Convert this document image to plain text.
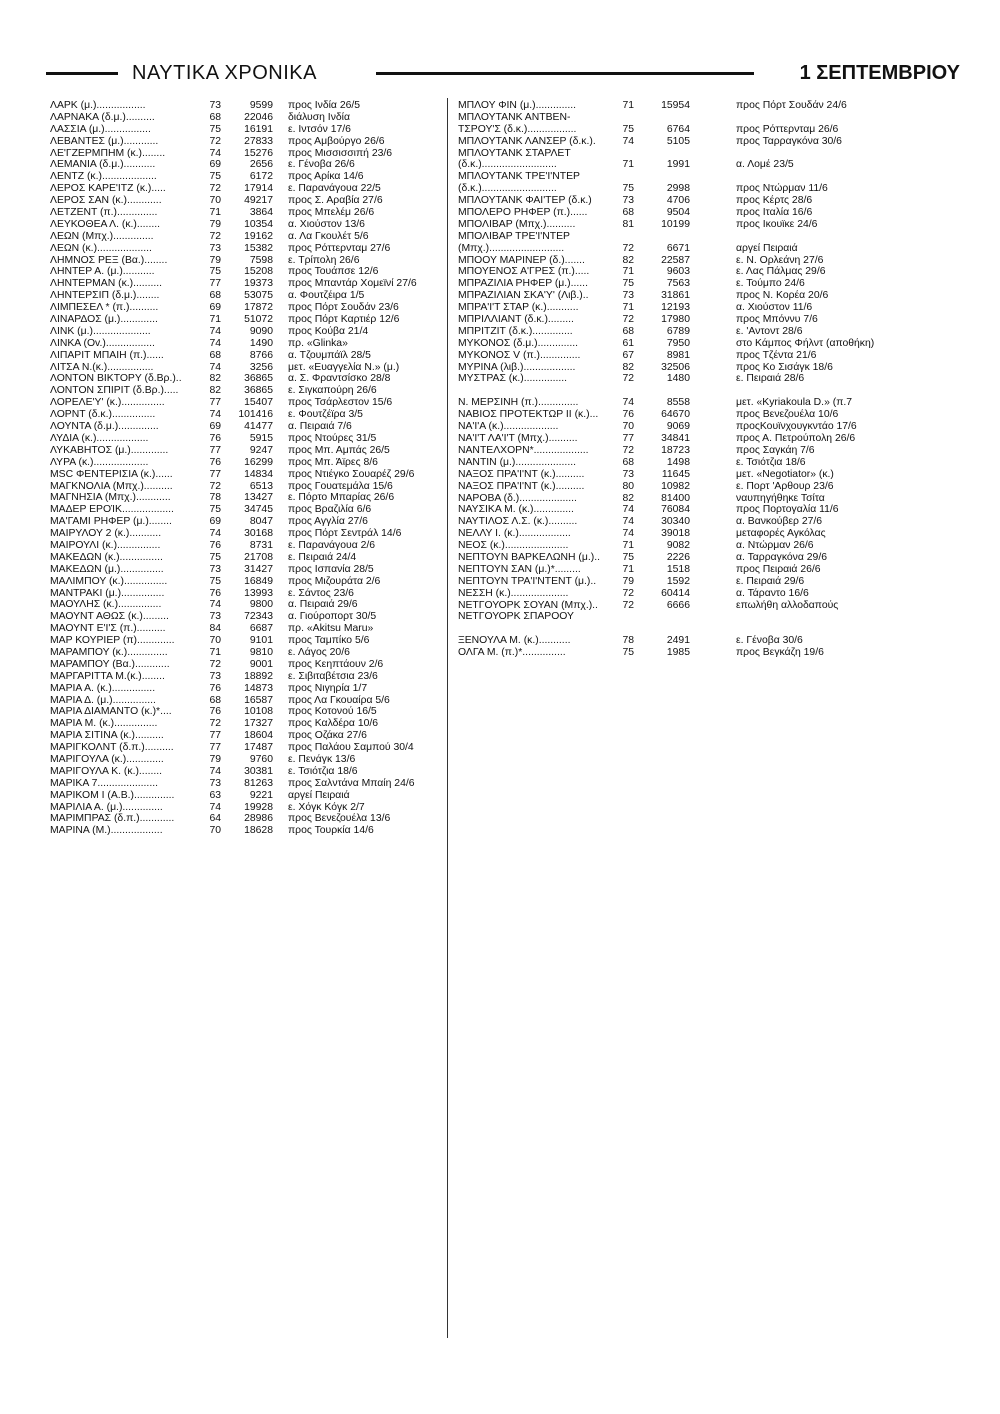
ΝΑΥΤΙΚΑ ΧΡΟΝΙΚΑ	1 ΣΕΠΤΕΜΒΡΙΟΥ
ΛΑΡΚ (μ.).................	73	9599 προς Ινδία 26/5
ΛΑΡΝΑΚΑ (δ.μ.)..........	68	22046 διάλυση Ινδία
ΛΑΣΣΙΑ (μ.)................	75	16191 ε. Ιντσόν 17/6
ΛΕΒΑΝΤΕΣ (μ.)............	72	27833 προς Αμβούργο 26/6
ΛΕ'ΓΖΕΡΜΠΗΜ (κ.)........	74	15276 προς Μισσισσιπή 23/6
ΛΕΜΑΝΙΑ (δ.μ.)...........	69	2656 ε. Γένοβα 26/6
ΛΕΝΤΖ (κ.)...................	75	6172 προς Αρίκα 14/6
ΛΕΡΟΣ ΚΑΡΕ'ΙΤΖ (κ.).....	72	17914 ε. Παρανάγουα 22/5
ΛΕΡΟΣ ΣΑΝ (κ.)............	70	49217 προς Σ. Αραβία 27/6
ΛΕΤΖΕΝΤ (π.)..............	71	3864 προς Μπελέμ 26/6
ΛΕΥΚΟΘΕΑ Λ. (κ.)........	79	10354 α. Χιούστον 13/6
ΛΕΩΝ (Μπχ.)..............	72	19162 α. Λα Γκουλέτ 5/6
ΛΕΩΝ (κ.)...................	73	15382 προς Ρόττερνταμ 27/6
ΛΗΜΝΟΣ ΡΕΞ (Βα.)........	79	7598 ε. Τρίπολη 26/6
ΛΗΝΤΕΡ Α. (μ.)...........	75	15208 προς Τουάπσε 12/6
ΛΗΝΤΕΡΜΑΝ (κ.)..........	77	19373 προς Μπαντάρ Χομεϊνί 27/6
ΛΗΝΤΕΡΣΙΠ (δ.μ.)........	68	53075 α. Φουτζέιρα 1/5
ΛΙΜΠΕΣΕΛ * (π.)..........	69	17872 προς Πόρτ Σουδάν 23/6
ΛΙΝΑΡΔΟΣ (μ.).............	71	51072 προς Πόρτ Καρτιέρ 12/6
ΛΙΝΚ (μ.)....................	74	9090 προς Κούβα 21/4
ΛΙΝΚΑ (Ov.).................	74	1490 πρ. «Glinka»
ΛΙΠΑΡΙΤ ΜΠΑΙΗ (π.)......	68	8766 α. Τζουμπάϊλ 28/5
ΛΙΤΣΑ Ν.(κ.)................	74	3256 μετ. «Ευαγγελία Ν.» (μ.)
ΛΟΝΤΟΝ ΒΙΚΤΟΡΥ (δ.Βρ.)..	82	36865 α. Σ. Φραντσίσκο 28/8
ΛΟΝΤΟΝ ΣΠΙΡΙΤ (δ.Βρ.).....	82	36865 ε. Σιγκαπούρη 26/6
ΛΟΡΕΛΕ'Υ' (κ.)...............	77	15407 προς Τσάρλεστον 15/6
ΛΟΡΝΤ (δ.κ.)...............	74	101416 ε. Φουτζέϊρα 3/5
ΛΟΥΝΤΑ (δ.μ.)..............	69	41477 α. Πειραιά 7/6
ΛΥΔΙΑ (κ.)..................	76	5915 προς Ντούρες 31/5
ΛΥΚΑΒΗΤΟΣ (μ.).............	77	9247 προς Μπ. Αμπάς 26/5
ΛΥΡΑ (κ.)...................	76	16299 προς Μπ. Άϊρες 8/6
MSC ΦΕΝΤΕΡΙΣΙΑ (κ.)......	77	14834 προς Ντιέγκο Σουαρέζ 29/6
ΜΑΓΚΝΟΛΙΑ (Μπχ.)..........	72	6513 προς Γουατεμάλα 15/6
ΜΑΓΝΗΣΙΑ (Μπχ.)............	78	13427 ε. Πόρτο Μπαρίας 26/6
ΜΑΔΕΡ ΕΡΟΊΚ..................	75	34745 προς Βραζιλία 6/6
ΜΑ'ΓΑΜΙ ΡΗΦΕΡ (μ.)........	69	8047 προς Αγγλία 27/6
ΜΑΙΡΥΛΟΥ 2 (κ.)...........	74	30168 προς Πόρτ Σεντράλ 14/6
ΜΑΙΡΟΥΛΙ (κ.)...............	76	8731 ε. Παρανάγουα 2/6
ΜΑΚΕΔΩΝ (κ.)...............	75	21708 ε. Πειραιά 24/4
ΜΑΚΕΔΩΝ (μ.)...............	73	31427 προς Ισπανία 28/5
ΜΑΛΙΜΠΟΥ (κ.)...............	75	16849 προς Μιζουράτα 2/6
ΜΑΝΤΡΑΚΙ (μ.)...............	76	13993 ε. Σάντος 23/6
ΜΑΟΥΛΗΣ (κ.)...............	74	9800 α. Πειραιά 29/6
ΜΑΟΥΝΤ ΑΘΩΣ (κ.).........	73	72343 α. Γιούροπορτ 30/5
ΜΑΟΥΝΤ Ε'Ι'Σ (π.)..........	84	6687 πρ. «Akitsu Maru»
ΜΑΡ ΚΟΥΡΙΕΡ (π).............	70	9101 προς Ταμπίκο 5/6
ΜΑΡΑΜΠΟΥ (κ.)..............	71	9810 ε. Λάγος 20/6
ΜΑΡΑΜΠΟΥ (Βα.)............	72	9001 προς Κεηπτάουν 2/6
ΜΑΡΓΑΡΙΤΤΑ Μ.(κ.)........	73	18892 ε. Σιβιταβέτσια 23/6
ΜΑΡΙΑ Α. (κ.)...............	76	14873 προς Νιγηρία 1/7
ΜΑΡΙΑ Δ. (μ.)...............	68	16587 προς Λα Γκουαίρα 5/6
ΜΑΡΙΑ ΔΙΑΜΑΝΤΟ (κ.)*....	76	10108 προς Κοτονού 16/5
ΜΑΡΙΑ Μ. (κ.)...............	72	17327 προς Καλδέρα 10/6
ΜΑΡΙΑ ΣΙΤΙΝΑ (κ.)..........	77	18604 προς Οζάκα 27/6
ΜΑΡΙΓΚΟΛΝΤ (δ.π.)..........	77	17487 προς Παλάου Σαμπού 30/4
ΜΑΡΙΓΟΥΛΑ (κ.).............	79	9760 ε. Πενάγκ 13/6
ΜΑΡΙΓΟΥΛΑ Κ. (κ.)........	74	30381 ε. Τσιότζια 18/6
ΜΑΡΙΚΑ 7.....................	73	81263 προς Σαλντάνα Μπαίη 24/6
ΜΑΡΙΚΟΜ Ι (Α.Β.)..............	63	9221 αργεί Πειραιά
ΜΑΡΙΛΙΑ Α. (μ.)..............	74	19928 ε. Χόγκ Κόγκ 2/7
ΜΑΡΙΜΠΡΑΣ (δ.π.)............	64	28986 προς Βενεζουέλα 13/6
ΜΑΡΙΝΑ (Μ.)..................	70	18628 προς Τουρκία 14/6
ΜΠΛΟΥ ΦΙΝ (μ.)..............	71	15954	προς Πόρτ Σουδάν 24/6
ΜΠΛΟΥΤΑΝΚ ΑΝΤΒΕΝ-
ΤΣΡΟΥ'Σ (δ.κ.).................	75	6764	προς Ρόττερνταμ 26/6
ΜΠΛΟΥΤΑΝΚ ΛΑΝΣΕΡ (δ.κ.).	74	5105	προς Ταρραγκόνα 30/6
ΜΠΛΟΥΤΑΝΚ ΣΤΑΡΛΕΤ
(δ.κ.)..........................	71	1991	α. Λομέ 23/5
ΜΠΛΟΥΤΑΝΚ ΤΡΕ'Ι'ΝΤΕΡ
(δ.κ.)..........................	75	2998	προς Ντώρμαν 11/6
ΜΠΛΟΥΤΑΝΚ ΦΑΙ'ΤΕΡ (δ.κ.)	73	4706	προς Κέρτς 28/6
ΜΠΟΛΕΡΟ ΡΗΦΕΡ (π.)......	68	9504	προς Ιταλία 16/6
ΜΠΟΛΙΒΑΡ (Μπχ.)..........	81	10199	προς Ικουϊκε 24/6
ΜΠΟΛΙΒΑΡ ΤΡΕ'Ι'ΝΤΕΡ
(Μπχ.)..........................	72	6671	αργεί Πειραιά
ΜΠΟΟΥ ΜΑΡΙΝΕΡ (δ.).......	82	22587	ε. Ν. Ορλεάνη 27/6
ΜΠΟΥΕΝΟΣ Α'ΓΡΕΣ (π.).....	71	9603	ε. Λας Πάλμας 29/6
ΜΠΡΑΖΙΛΙΑ ΡΗΦΕΡ (μ.)......	75	7563	ε. Τούμπο 24/6
ΜΠΡΑΖΙΛΙΑΝ ΣΚΑ'Υ' (Λιβ.)..	73	31861	προς Ν. Κορέα 20/6
ΜΠΡΑ'Ι'Τ ΣΤΑΡ (κ.)...........	71	12193	α. Χιούστον 11/6
ΜΠΡΙΛΛΙΑΝΤ (δ.κ.).........	72	17980	προς Μπόννυ 7/6
ΜΠΡΙΤΖΙΤ (δ.κ.)..............	68	6789	ε. 'Αντοντ 28/6
ΜΥΚΟΝΟΣ (δ.μ.)..............	61	7950	στο Κάμπος Φήλντ (αποθήκη)
ΜΥΚΟΝΟΣ V (π.)..............	67	8981	προς Τζέντα 21/6
ΜΥΡΙΝΑ (λιβ.)..................	82	32506	προς Κο Σισάγκ 18/6
ΜΥΣΤΡΑΣ (κ.)...............	72	1480	ε. Πειραιά 28/6
Ν. ΜΕΡΣΙΝΗ (π.)..............	74	8558	μετ. «Kyriakoula D.» (π.7
ΝΑΒΙΟΣ ΠΡΟΤΕΚΤΩΡ ΙΙ (κ.)...	76	64670	προς Βενεζουέλα 10/6
ΝΑ'Ι'Α (κ.)...................	70	9069	προςΚουϊνχουγκντάο 17/6
ΝΑ'Ι'Τ ΛΑ'Ι'Τ (Μπχ.)..........	77	34841	προς Α. Πετρούπολη 26/6
ΝΑΝΤΕΛΧΟΡΝ*...................	72	18723	προς Σαγκάη 7/6
ΝΑΝΤΙΝ (μ.).....................	68	1498	ε. Τσιότζια 18/6
ΝΑΞΟΣ ΠΡΑ'Ι'ΝΤ (κ.)..........	73	11645	μετ. «Negotiator» (κ.)
ΝΑΞΟΣ ΠΡΑ'Ι'ΝΤ (κ.)..........	80	10982	ε. Πορτ 'Αρθουρ 23/6
ΝΑΡΟΒΑ (δ.)....................	82	81400	ναυπηγήθηκε Τσίτα
ΝΑΥΣΙΚΑ Μ. (κ.)..............	74	76084	προς Πορτογαλία 11/6
ΝΑΥΤΙΛΟΣ Λ.Σ. (κ.)..........	74	30340	α. Βανκούβερ 27/6
ΝΕΛΛΥ Ι. (κ.)..................	74	39018	μεταφορές Αγκόλας
ΝΕΟΣ (κ.)......................	71	9082	α. Ντώρμαν 26/6
ΝΕΠΤΟΥΝ ΒΑΡΚΕΛΩΝΗ (μ.)..	75	2226	α. Ταρραγκόνα 29/6
ΝΕΠΤΟΥΝ ΣΑΝ (μ.)*.........	71	1518	προς Πειραιά 26/6
ΝΕΠΤΟΥΝ ΤΡΑ'Ι'ΝΤΕΝΤ (μ.)..	79	1592	ε. Πειραιά 29/6
ΝΕΣΣΗ (κ.)....................	72	60414	α. Τάραντο 16/6
ΝΕΤΓΟΥΟΡΚ ΣΟΥΑΝ (Μπχ.)..	72	6666	επωλήθη αλλοδαπούς
ΝΕΤΓΟΥΟΡΚ ΣΠΑΡΟΟΥ
ΞΕΝΟΥΛΑ Μ. (κ.)...........	78	2491	ε. Γένοβα 30/6
ΟΛΓΑ Μ. (π.)*...............	75	1985	προς Βεγκάζη 19/6
